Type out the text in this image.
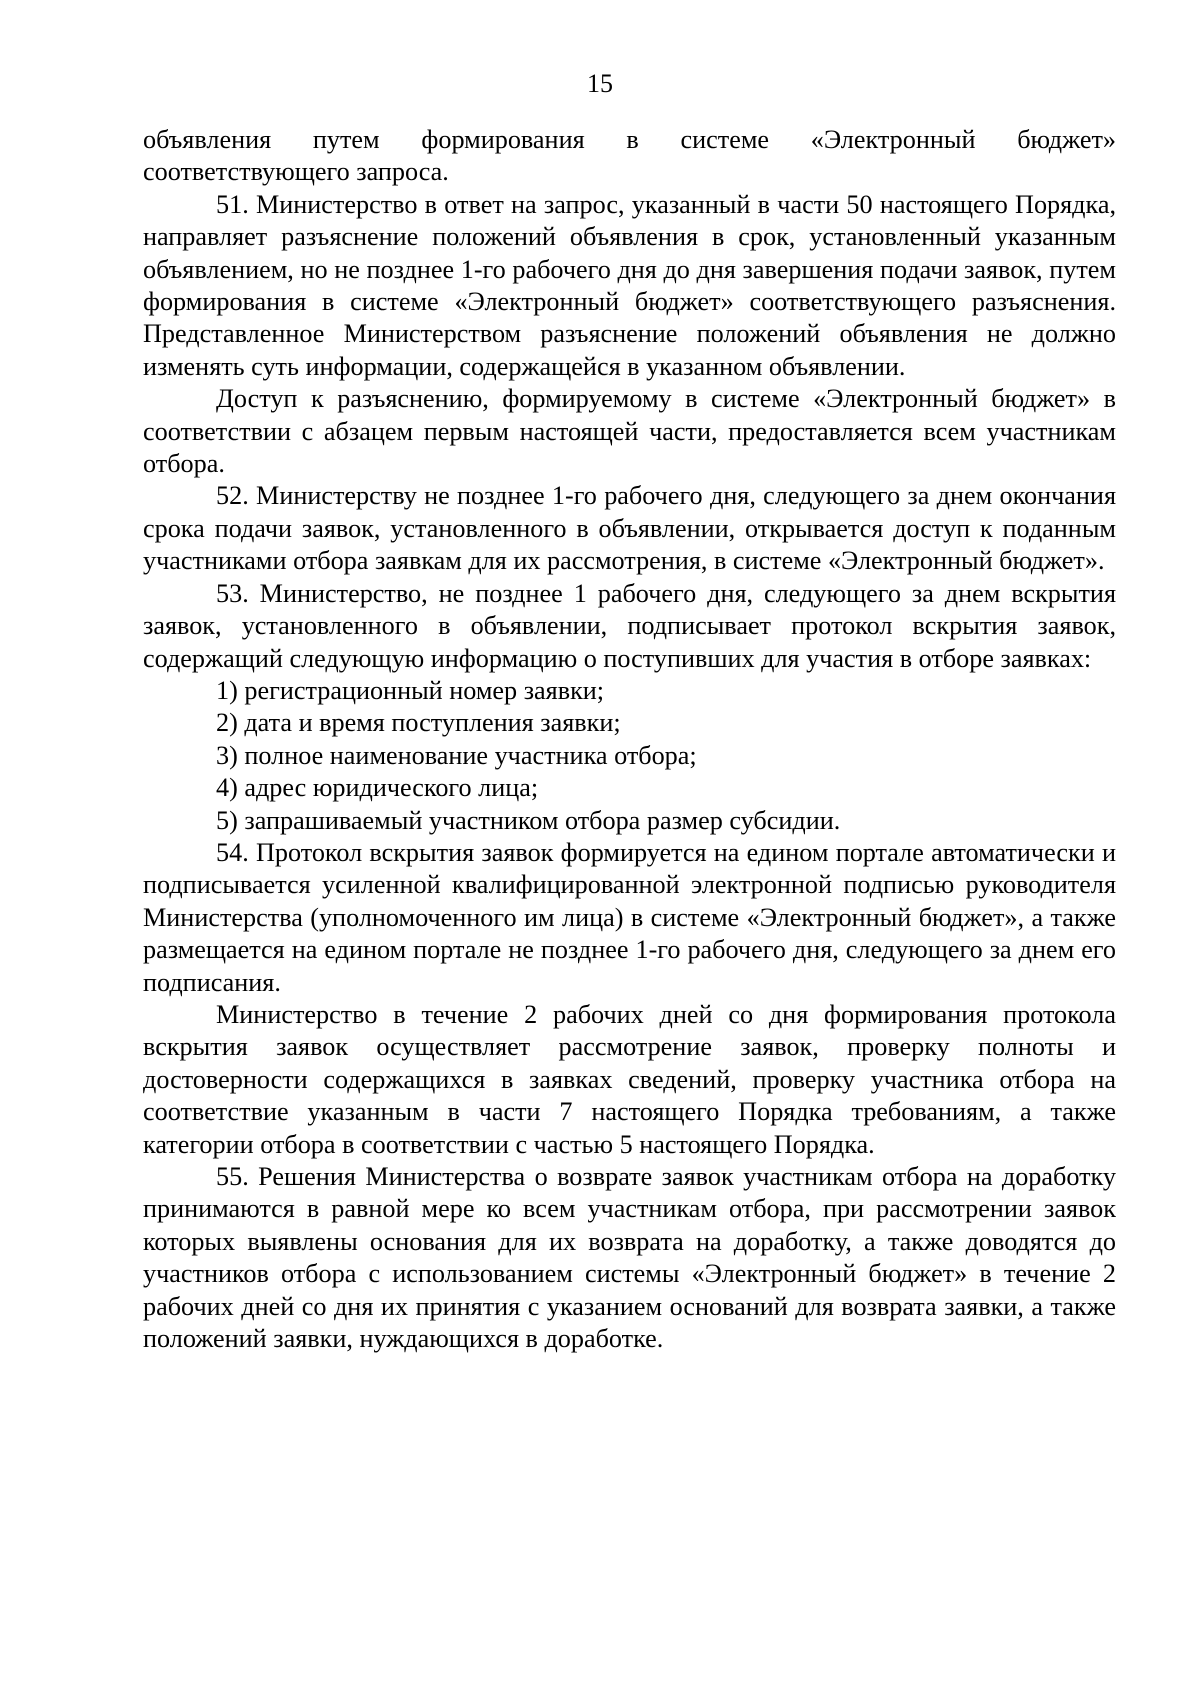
15

объявления путем формирования в системе «Электронный бюджет» соответствующего запроса.

51. Министерство в ответ на запрос, указанный в части 50 настоящего Порядка, направляет разъяснение положений объявления в срок, установленный указанным объявлением, но не позднее 1-го рабочего дня до дня завершения подачи заявок, путем формирования в системе «Электронный бюджет» соответствующего разъяснения. Представленное Министерством разъяснение положений объявления не должно изменять суть информации, содержащейся в указанном объявлении.

Доступ к разъяснению, формируемому в системе «Электронный бюджет» в соответствии с абзацем первым настоящей части, предоставляется всем участникам отбора.

52. Министерству не позднее 1-го рабочего дня, следующего за днем окончания срока подачи заявок, установленного в объявлении, открывается доступ к поданным участниками отбора заявкам для их рассмотрения, в системе «Электронный бюджет».

53. Министерство, не позднее 1 рабочего дня, следующего за днем вскрытия заявок, установленного в объявлении, подписывает протокол вскрытия заявок, содержащий следующую информацию о поступивших для участия в отборе заявках:

1) регистрационный номер заявки;

2) дата и время поступления заявки;

3) полное наименование участника отбора;

4) адрес юридического лица;

5) запрашиваемый участником отбора размер субсидии.

54. Протокол вскрытия заявок формируется на едином портале автоматически и подписывается усиленной квалифицированной электронной подписью руководителя Министерства (уполномоченного им лица) в системе «Электронный бюджет», а также размещается на едином портале не позднее 1-го рабочего дня, следующего за днем его подписания.

Министерство в течение 2 рабочих дней со дня формирования протокола вскрытия заявок осуществляет рассмотрение заявок, проверку полноты и достоверности содержащихся в заявках сведений, проверку участника отбора на соответствие указанным в части 7 настоящего Порядка требованиям, а также категории отбора в соответствии с частью 5 настоящего Порядка.

55. Решения Министерства о возврате заявок участникам отбора на доработку принимаются в равной мере ко всем участникам отбора, при рассмотрении заявок которых выявлены основания для их возврата на доработку, а также доводятся до участников отбора с использованием системы «Электронный бюджет» в течение 2 рабочих дней со дня их принятия с указанием оснований для возврата заявки, а также положений заявки, нуждающихся в доработке.
